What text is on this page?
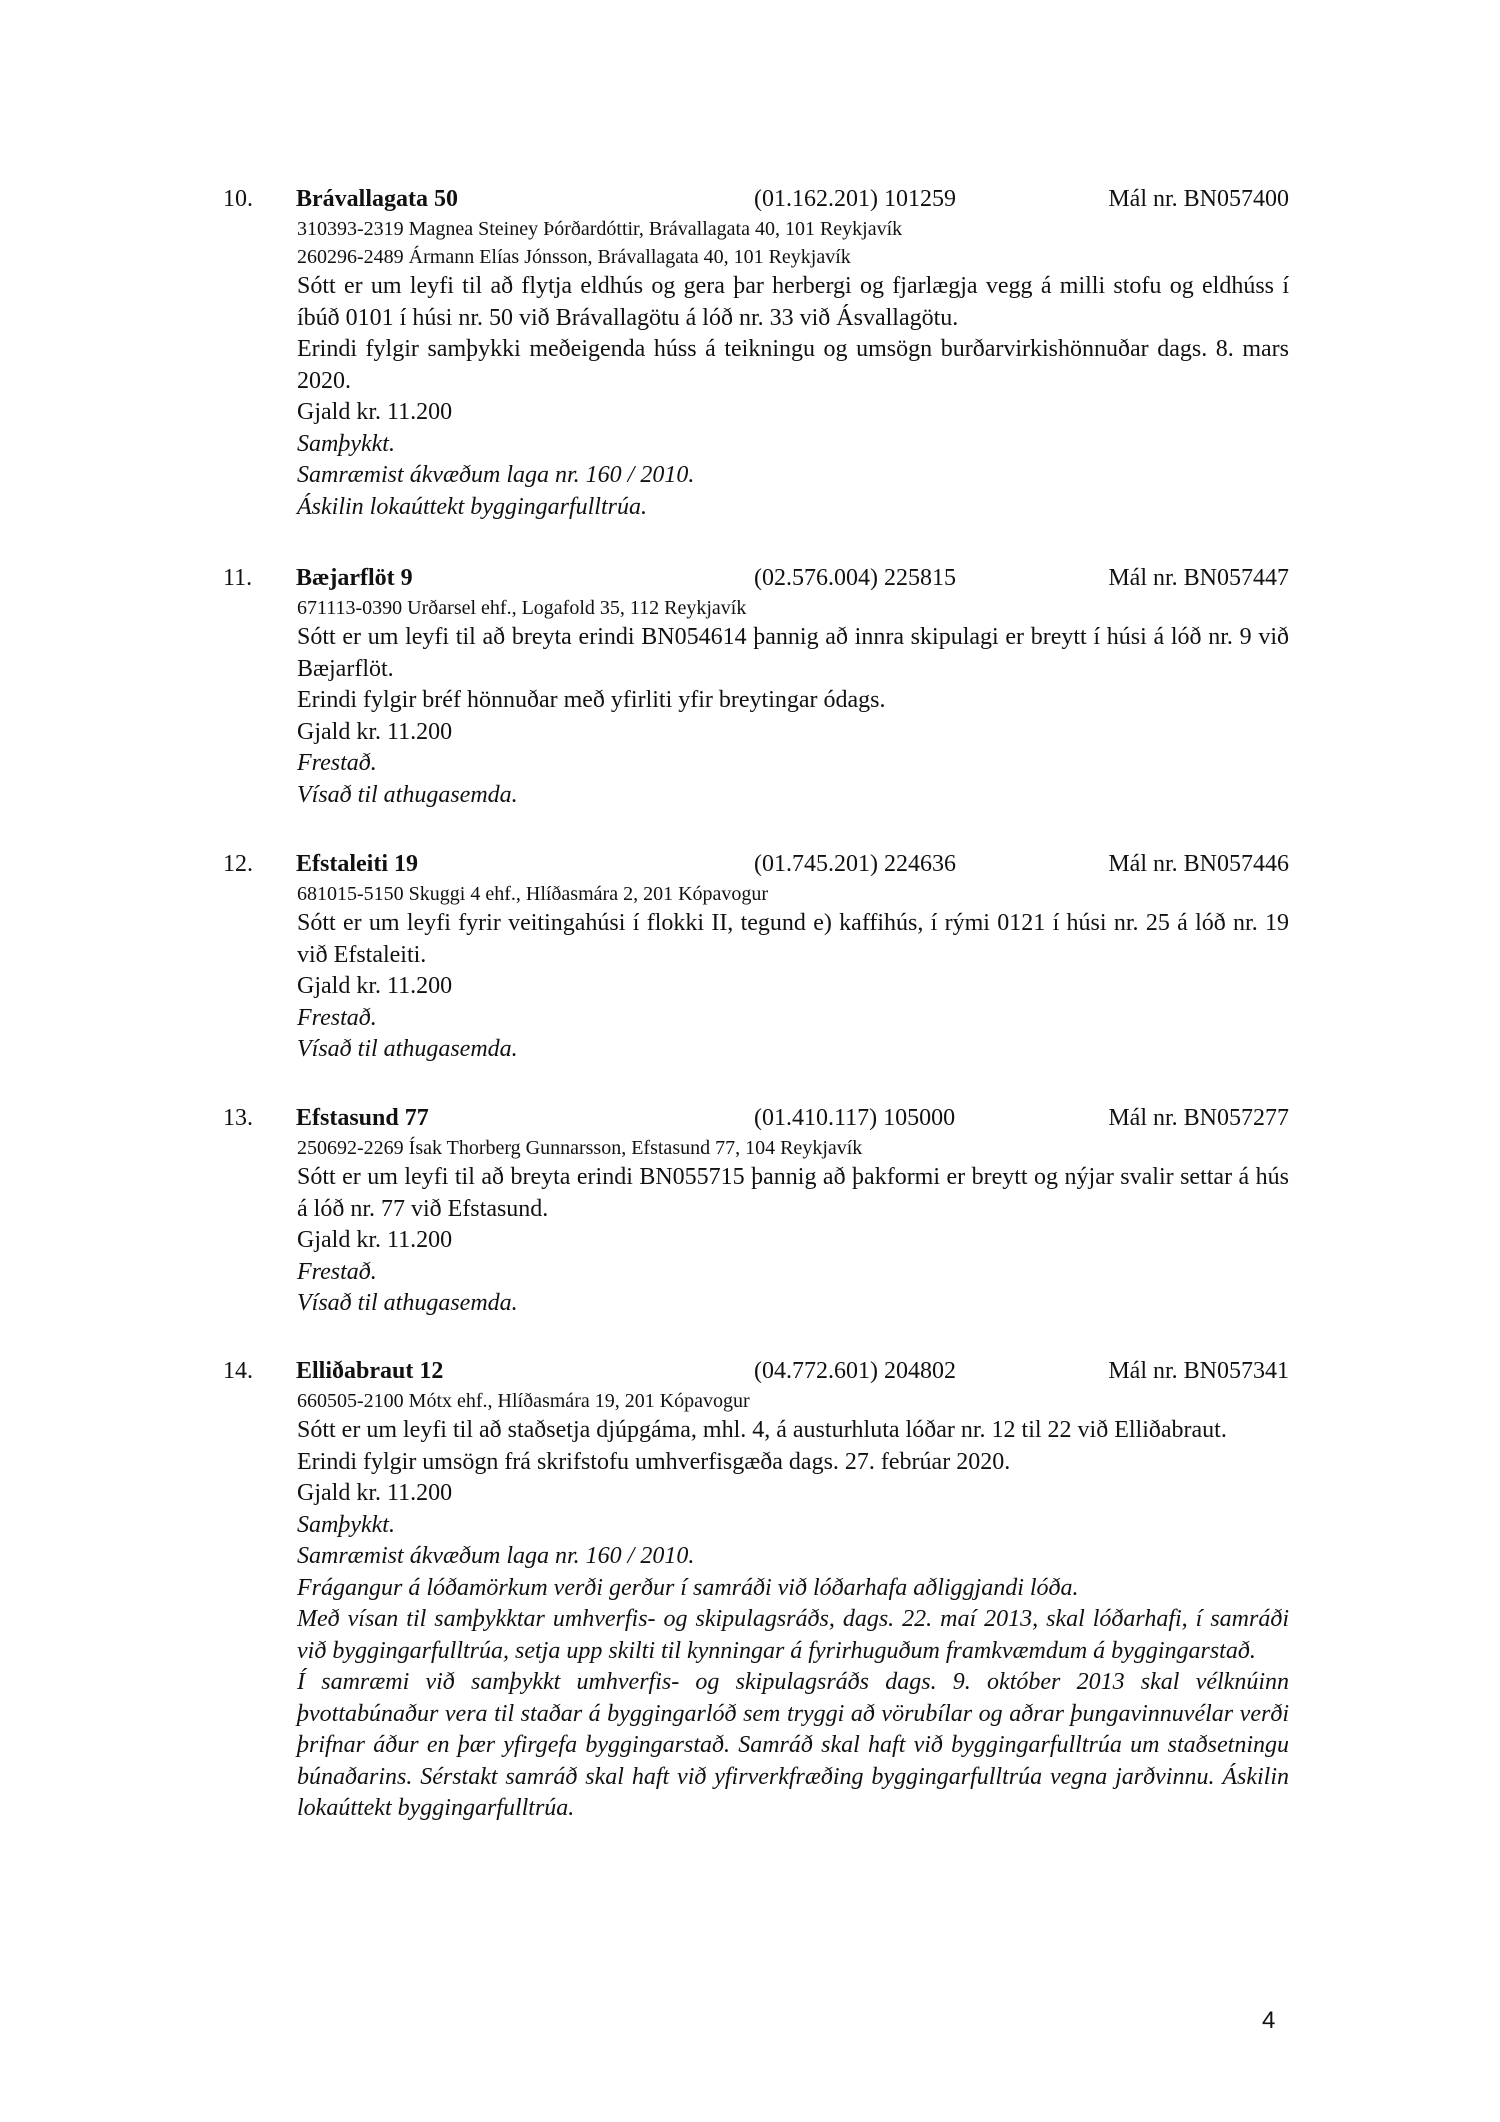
10.	Brávallagata 50	(01.162.201) 101259	Mál nr. BN057400
310393-2319 Magnea Steiney Þórðardóttir, Brávallagata 40, 101 Reykjavík
260296-2489 Ármann Elías Jónsson, Brávallagata 40, 101 Reykjavík
Sótt er um leyfi til að flytja eldhús og gera þar herbergi og fjarlægja vegg á milli stofu og eldhúss í íbúð 0101 í húsi nr. 50 við Brávallagötu á lóð nr. 33 við Ásvallagötu.
Erindi fylgir samþykki meðeigenda húss á teikningu og umsögn burðarvirkishönnuðar dags. 8. mars 2020.
Gjald kr. 11.200
Samþykkt.
Samræmist ákvæðum laga nr. 160 / 2010.
Áskilin lokaúttekt byggingarfulltrúa.
11.	Bæjarflöt 9	(02.576.004) 225815	Mál nr. BN057447
671113-0390 Urðarsel ehf., Logafold 35, 112 Reykjavík
Sótt er um leyfi til að breyta erindi BN054614 þannig að innra skipulagi er breytt í húsi á lóð nr. 9 við Bæjarflöt.
Erindi fylgir bréf hönnuðar með yfirliti yfir breytingar ódags.
Gjald kr. 11.200
Frestað.
Vísað til athugasemda.
12.	Efstaleiti 19	(01.745.201) 224636	Mál nr. BN057446
681015-5150 Skuggi 4 ehf., Hlíðasmára 2, 201 Kópavogur
Sótt er um leyfi fyrir veitingahúsi í flokki II, tegund e) kaffihús, í rými 0121 í húsi nr. 25 á lóð nr. 19 við Efstaleiti.
Gjald kr. 11.200
Frestað.
Vísað til athugasemda.
13.	Efstasund 77	(01.410.117) 105000	Mál nr. BN057277
250692-2269 Ísak Thorberg Gunnarsson, Efstasund 77, 104 Reykjavík
Sótt er um leyfi til að breyta erindi BN055715 þannig að þakformi er breytt og nýjar svalir settar á hús á lóð nr. 77 við Efstasund.
Gjald kr. 11.200
Frestað.
Vísað til athugasemda.
14.	Elliðabraut 12	(04.772.601) 204802	Mál nr. BN057341
660505-2100 Mótx ehf., Hlíðasmára 19, 201 Kópavogur
Sótt er um leyfi til að staðsetja djúpgáma, mhl. 4, á austurhluta lóðar nr. 12 til 22 við Elliðabraut.
Erindi fylgir umsögn frá skrifstofu umhverfisgæða dags. 27. febrúar 2020.
Gjald kr. 11.200
Samþykkt.
Samræmist ákvæðum laga nr. 160 / 2010.
Frágangur á lóðamörkum verði gerður í samráði við lóðarhafa aðliggjandi lóða.
Með vísan til samþykktar umhverfis- og skipulagsráðs, dags. 22. maí 2013, skal lóðarhafi, í samráði við byggingarfulltrúa, setja upp skilti til kynningar á fyrirhuguðum framkvæmdum á byggingarstað.
Í samræmi við samþykkt umhverfis- og skipulagsráðs dags. 9. október 2013 skal vélknúinn þvottabúnaður vera til staðar á byggingarlóð sem tryggi að vörubílar og aðrar þungavinnuvélar verði þrifnar áður en þær yfirgefa byggingarstað. Samráð skal haft við byggingarfulltrúa um staðsetningu búnaðarins. Sérstakt samráð skal haft við yfirverkfræðing byggingarfulltrúa vegna jarðvinnu. Áskilin lokaúttekt byggingarfulltrúa.
4
